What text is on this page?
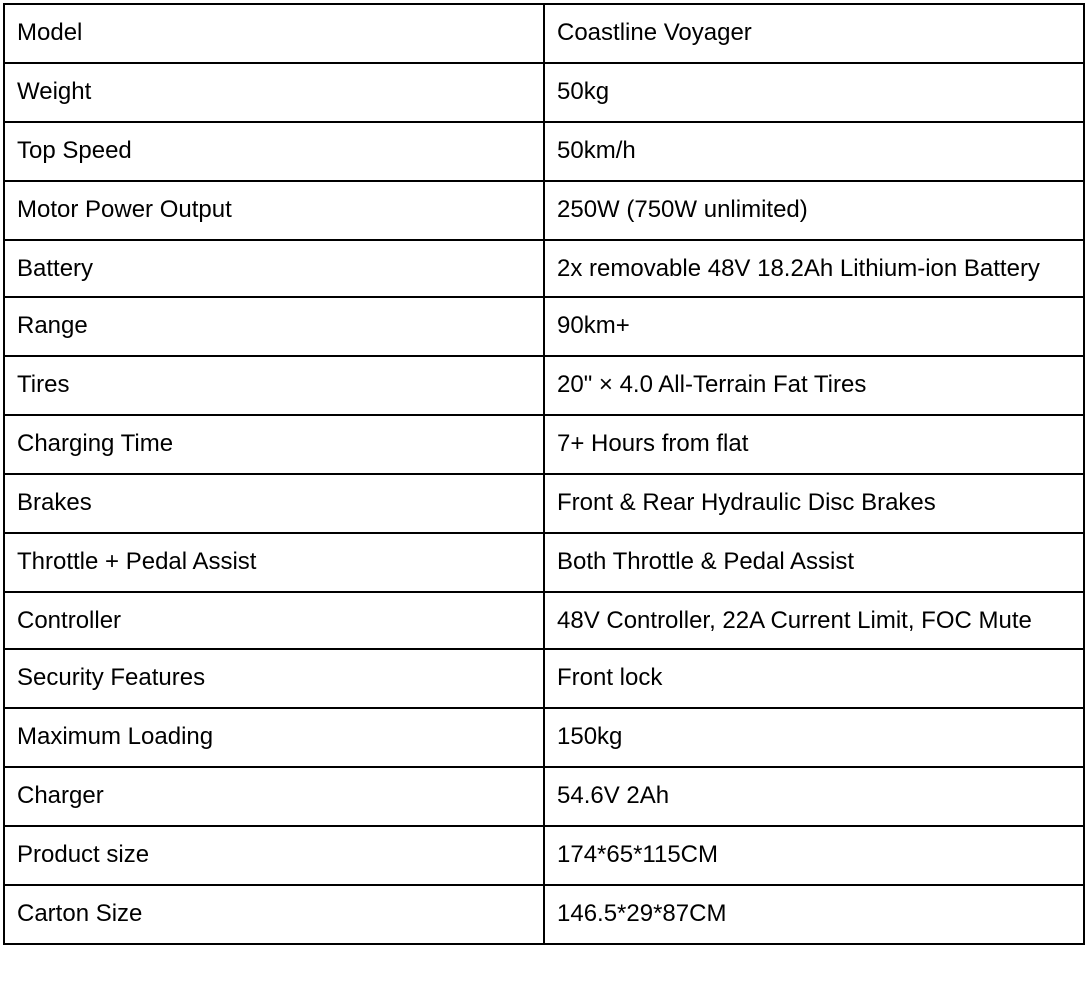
Model	Coastline Voyager
Weight	50kg
Top Speed	50km/h
Motor Power Output	250W (750W unlimited)
Battery	2x removable 48V 18.2Ah Lithium-ion Battery
Range	90km+
Tires	20" × 4.0 All-Terrain Fat Tires
Charging Time	7+ Hours from flat
Brakes	Front & Rear Hydraulic Disc Brakes
Throttle + Pedal Assist	Both Throttle & Pedal Assist
Controller	48V Controller, 22A Current Limit, FOC Mute
Security Features	Front lock
Maximum Loading	150kg
Charger	54.6V 2Ah
Product size	174*65*115CM
Carton Size	146.5*29*87CM
